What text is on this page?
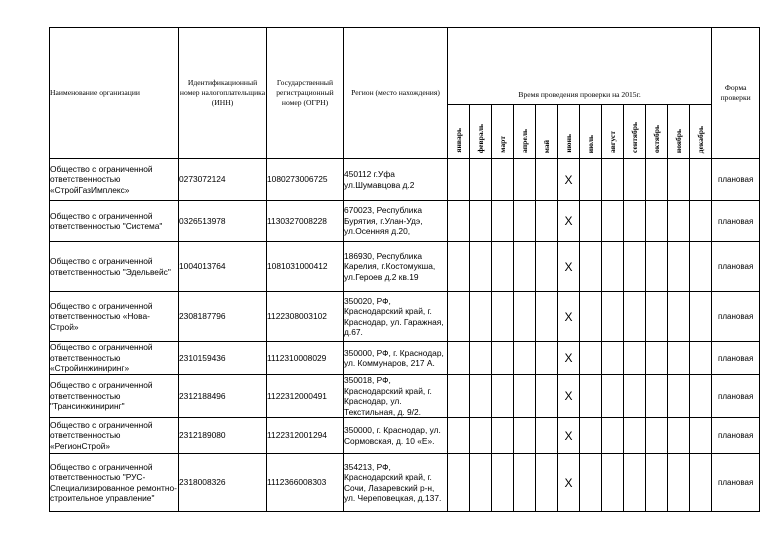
Наименование организации	Идентификационный номер налогоплательщика (ИНН)	Государственный регистрационный номер (ОГРН)	Регион (место нахождения)	Время проведения проверки на 2015г.												Форма проверки
				январь	февраль	март	апрель	май	июнь	июль	август	сентябрь	октябрь	ноябрь	декабрь	
Общество с ограниченной ответственностью «СтройГазИмплекс»	0273072124	1080273006725	450112 г.Уфа ул.Шумавцова д.2						X							плановая
Общество с ограниченной ответственностью "Система"	0326513978	1130327008228	670023, Республика Бурятия, г.Улан-Удэ, ул.Осенняя д.20,						X							плановая
Общество с ограниченной ответственностью "Эдельвейс"	1004013764	1081031000412	186930, Республика Карелия, г.Костомукша, ул.Героев д.2 кв.19						X							плановая
Общество с ограниченной ответственностью «Нова-Строй»	2308187796	1122308003102	350020, РФ, Краснодарский край, г. Краснодар, ул. Гаражная, д.67.						X							плановая
Общество с ограниченной ответственностью «Стройинжиниринг»	2310159436	1112310008029	350000, РФ, г. Краснодар, ул. Коммунаров, 217 А.						X							плановая
Общество с ограниченной ответственностью "Трансинжиниринг"	2312188496	1122312000491	350018, РФ, Краснодарский край, г. Краснодар, ул. Текстильная, д. 9/2.						X							плановая
Общество с ограниченной ответственностью «РегионСтрой»	2312189080	1122312001294	350000, г. Краснодар, ул. Сормовская, д. 10 «Е».						X							плановая
Общество с ограниченной ответственностью "РУС-Специализированное ремонтно-строительное управление"	2318008326	1112366008303	354213, РФ, Краснодарский край, г. Сочи, Лазаревский р-н, ул. Череповецкая, д.137.						X							плановая
